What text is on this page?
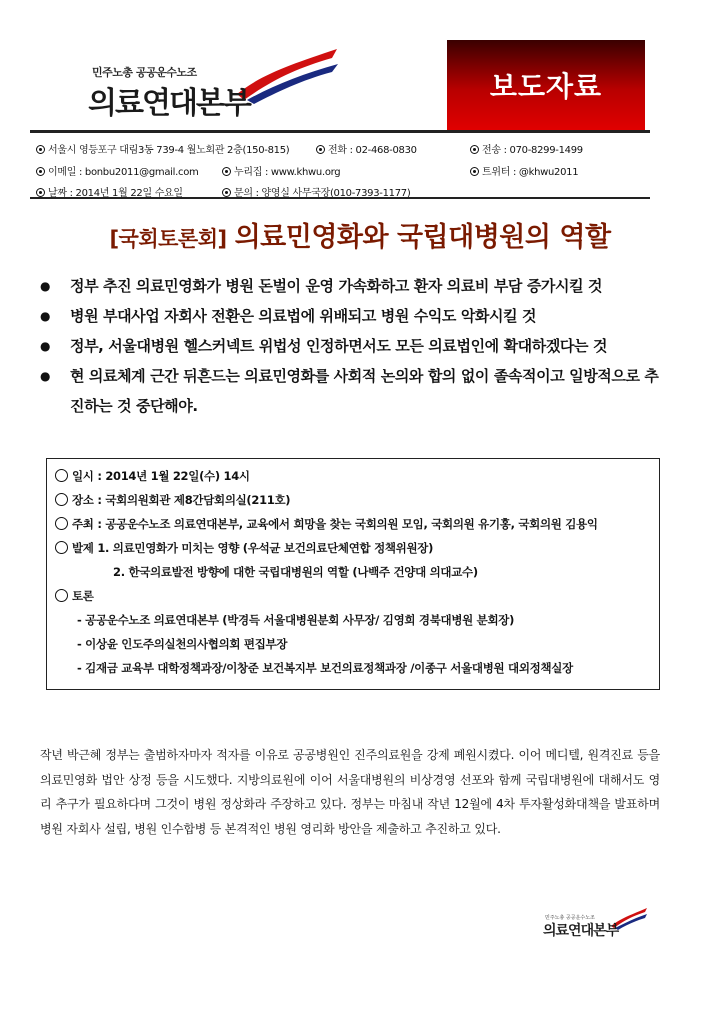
민주노총 공공운수노조
의료연대본부	보도자료
서울시 영등포구 대림3동 739-4 월노회관 2층(150-815)	전화 : 02-468-0830	전송 : 070-8299-1499
이메일 : bonbu2011@gmail.com	누리집 : www.khwu.org	트위터 : @khwu2011
날짜 : 2014년 1월 22일 수요일	문의 : 양영실 사무국장(010-7393-1177)
[국회토론회] 의료민영화와 국립대병원의 역할
● 정부 추진 의료민영화가 병원 돈벌이 운영 가속화하고 환자 의료비 부담 증가시킬 것
● 병원 부대사업 자회사 전환은 의료법에 위배되고 병원 수익도 악화시킬 것
● 정부, 서울대병원 헬스커넥트 위법성 인정하면서도 모든 의료법인에 확대하겠다는 것
● 현 의료체계 근간 뒤흔드는 의료민영화를 사회적 논의와 합의 없이 졸속적이고 일방적으로 추진하는 것 중단해야.
일시 : 2014년 1월 22일(수) 14시
장소 : 국회의원회관 제8간담회의실(211호)
주최 : 공공운수노조 의료연대본부, 교육에서 희망을 찾는 국회의원 모임, 국회의원 유기홍, 국회의원 김용익
발제 1. 의료민영화가 미치는 영향 (우석균 보건의료단체연합 정책위원장)
2. 한국의료발전 방향에 대한 국립대병원의 역할 (나백주 건양대 의대교수)
토론
- 공공운수노조 의료연대본부 (박경득 서울대병원분회 사무장/ 김영희 경북대병원 분회장)
- 이상윤 인도주의실천의사협의회 편집부장
- 김재금 교육부 대학정책과장/이창준 보건복지부 보건의료정책과장 /이종구 서울대병원 대외정책실장
작년 박근혜 정부는 출범하자마자 적자를 이유로 공공병원인 진주의료원을 강제 폐원시켰다. 이어 메디텔, 원격진료 등을 의료민영화 법안 상정 등을 시도했다. 지방의료원에 이어 서울대병원의 비상경영 선포와 함께 국립대병원에 대해서도 영리 추구가 필요하다며 그것이 병원 정상화라 주장하고 있다. 정부는 마침내 작년 12월에 4차 투자활성화대책을 발표하며 병원 자회사 설립, 병원 인수합병 등 본격적인 병원 영리화 방안을 제출하고 추진하고 있다.
민주노총 공공운수노조
의료연대본부
